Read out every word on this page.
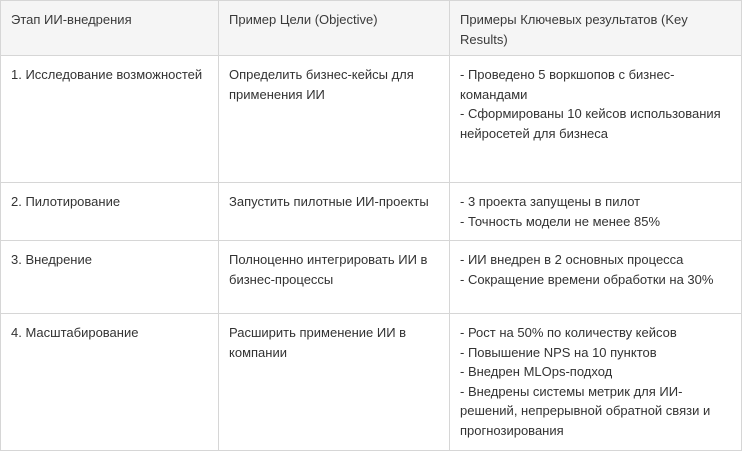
Этап ИИ-внедрения	Пример Цели (Objective)	Примеры Ключевых результатов (Key Results)
1. Исследование возможностей	Определить бизнес-кейсы для применения ИИ	- Проведено 5 воркшопов с бизнес-командами
- Сформированы 10 кейсов использования нейросетей для бизнеса

2. Пилотирование	Запустить пилотные ИИ-проекты	- 3 проекта запущены в пилот
- Точность модели не менее 85%

3. Внедрение	Полноценно интегрировать ИИ в бизнес-процессы	- ИИ внедрен в 2 основных процесса
- Сокращение времени обработки на 30%

4. Масштабирование	Расширить применение ИИ в компании	- Рост на 50% по количеству кейсов
- Повышение NPS на 10 пунктов
- Внедрен MLOps-подход
- Внедрены системы метрик для ИИ-решений, непрерывной обратной связи и прогнозирования
